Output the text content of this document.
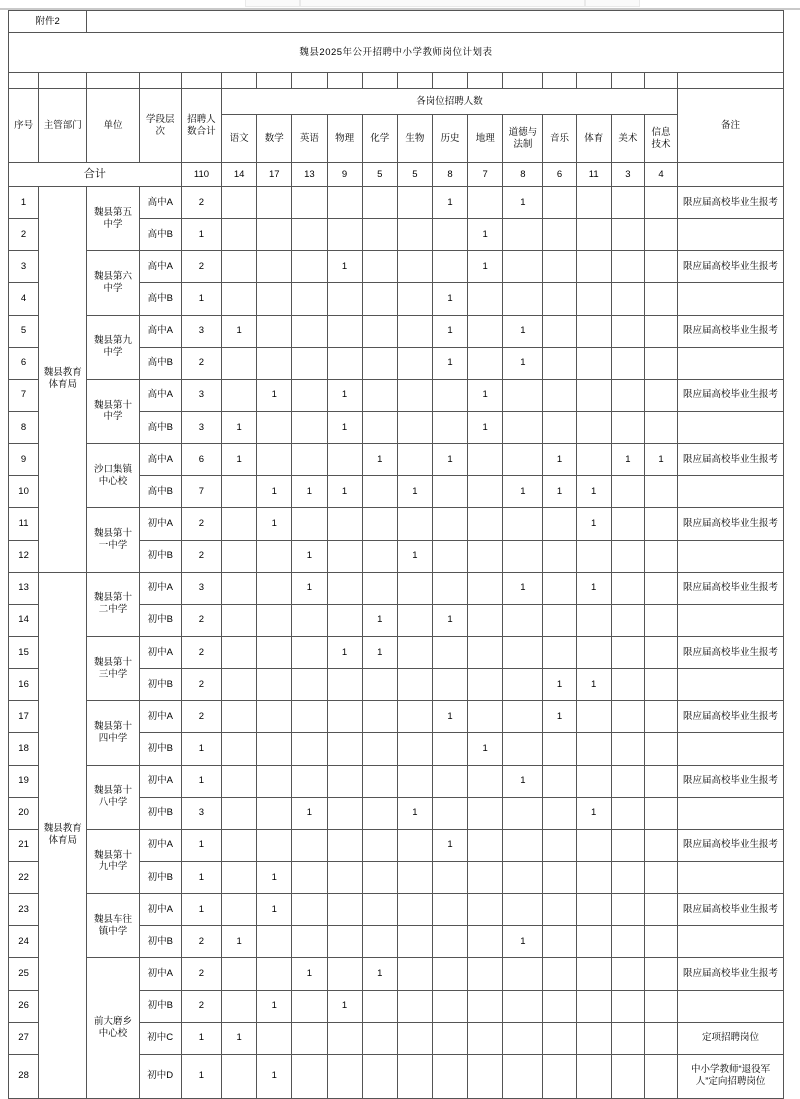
附件2																		
魏县2025年公开招聘中小学教师岗位计划表																		

序号	主管部门	单位	学段层次	招聘人数合计	各岗位招聘人数													备注
					语文	数学	英语	物理	化学	生物	历史	地理	道德与法制	音乐	体育	美术	信息技术	
合计				110	14	17	13	9	5	5	8	7	8	6	11	3	4	
1	魏县教育体育局	魏县第五中学	高中A	2							1		1					限应届高校毕业生报考
2			高中B	1								1						
3		魏县第六中学	高中A	2				1				1						限应届高校毕业生报考
4			高中B	1							1							
5		魏县第九中学	高中A	3	1						1		1					限应届高校毕业生报考
6			高中B	2							1		1					
7		魏县第十中学	高中A	3		1		1				1						限应届高校毕业生报考
8			高中B	3	1			1				1						
9		沙口集镇中心校	高中A	6	1				1		1			1		1	1	限应届高校毕业生报考
10			高中B	7		1	1	1		1			1	1	1			
11		魏县第十一中学	初中A	2		1									1			限应届高校毕业生报考
12			初中B	2			1			1								
13	魏县教育体育局	魏县第十二中学	初中A	3			1						1		1			限应届高校毕业生报考
14			初中B	2					1		1							
15		魏县第十三中学	初中A	2				1	1									限应届高校毕业生报考
16			初中B	2										1	1			
17		魏县第十四中学	初中A	2							1			1				限应届高校毕业生报考
18			初中B	1								1						
19		魏县第十八中学	初中A	1									1					限应届高校毕业生报考
20			初中B	3			1			1					1			
21		魏县第十九中学	初中A	1							1							限应届高校毕业生报考
22			初中B	1		1												
23		魏县车往镇中学	初中A	1		1												限应届高校毕业生报考
24			初中B	2	1								1					
25		前大磨乡中心校	初中A	2			1		1									限应届高校毕业生报考
26			初中B	2		1		1										
27			初中C	1	1													定项招聘岗位
28			初中D	1		1												中小学教师“退役军人”定向招聘岗位
